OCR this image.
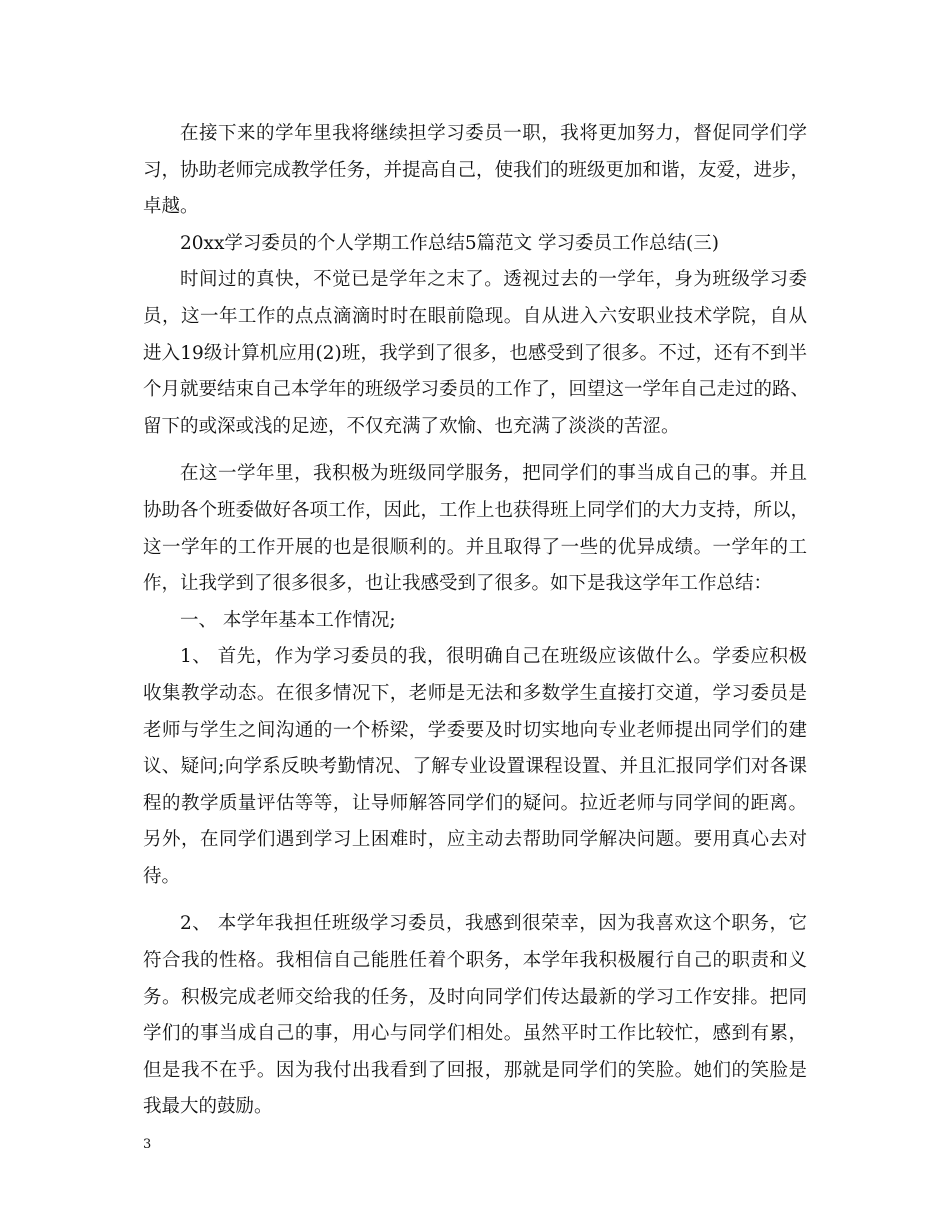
在接下来的学年里我将继续担学习委员一职，我将更加努力，督促同学们学
习，协助老师完成教学任务，并提高自己，使我们的班级更加和谐，友爱，进步，
卓越。
20xx学习委员的个人学期工作总结5篇范文 学习委员工作总结(三)
时间过的真快，不觉已是学年之末了。透视过去的一学年，身为班级学习委
员，这一年工作的点点滴滴时时在眼前隐现。自从进入六安职业技术学院，自从
进入19级计算机应用(2)班，我学到了很多，也感受到了很多。不过，还有不到半
个月就要结束自己本学年的班级学习委员的工作了，回望这一学年自己走过的路、
留下的或深或浅的足迹，不仅充满了欢愉、也充满了淡淡的苦涩。
在这一学年里，我积极为班级同学服务，把同学们的事当成自己的事。并且
协助各个班委做好各项工作，因此，工作上也获得班上同学们的大力支持，所以，
这一学年的工作开展的也是很顺利的。并且取得了一些的优异成绩。一学年的工
作，让我学到了很多很多，也让我感受到了很多。如下是我这学年工作总结：
一、 本学年基本工作情况;
1、 首先，作为学习委员的我，很明确自己在班级应该做什么。学委应积极
收集教学动态。在很多情况下，老师是无法和多数学生直接打交道，学习委员是
老师与学生之间沟通的一个桥梁，学委要及时切实地向专业老师提出同学们的建
议、疑问;向学系反映考勤情况、了解专业设置课程设置、并且汇报同学们对各课
程的教学质量评估等等，让导师解答同学们的疑问。拉近老师与同学间的距离。
另外，在同学们遇到学习上困难时，应主动去帮助同学解决问题。要用真心去对
待。
2、 本学年我担任班级学习委员，我感到很荣幸，因为我喜欢这个职务，它
符合我的性格。我相信自己能胜任着个职务，本学年我积极履行自己的职责和义
务。积极完成老师交给我的任务，及时向同学们传达最新的学习工作安排。把同
学们的事当成自己的事，用心与同学们相处。虽然平时工作比较忙，感到有累，
但是我不在乎。因为我付出我看到了回报，那就是同学们的笑脸。她们的笑脸是
我最大的鼓励。
3
